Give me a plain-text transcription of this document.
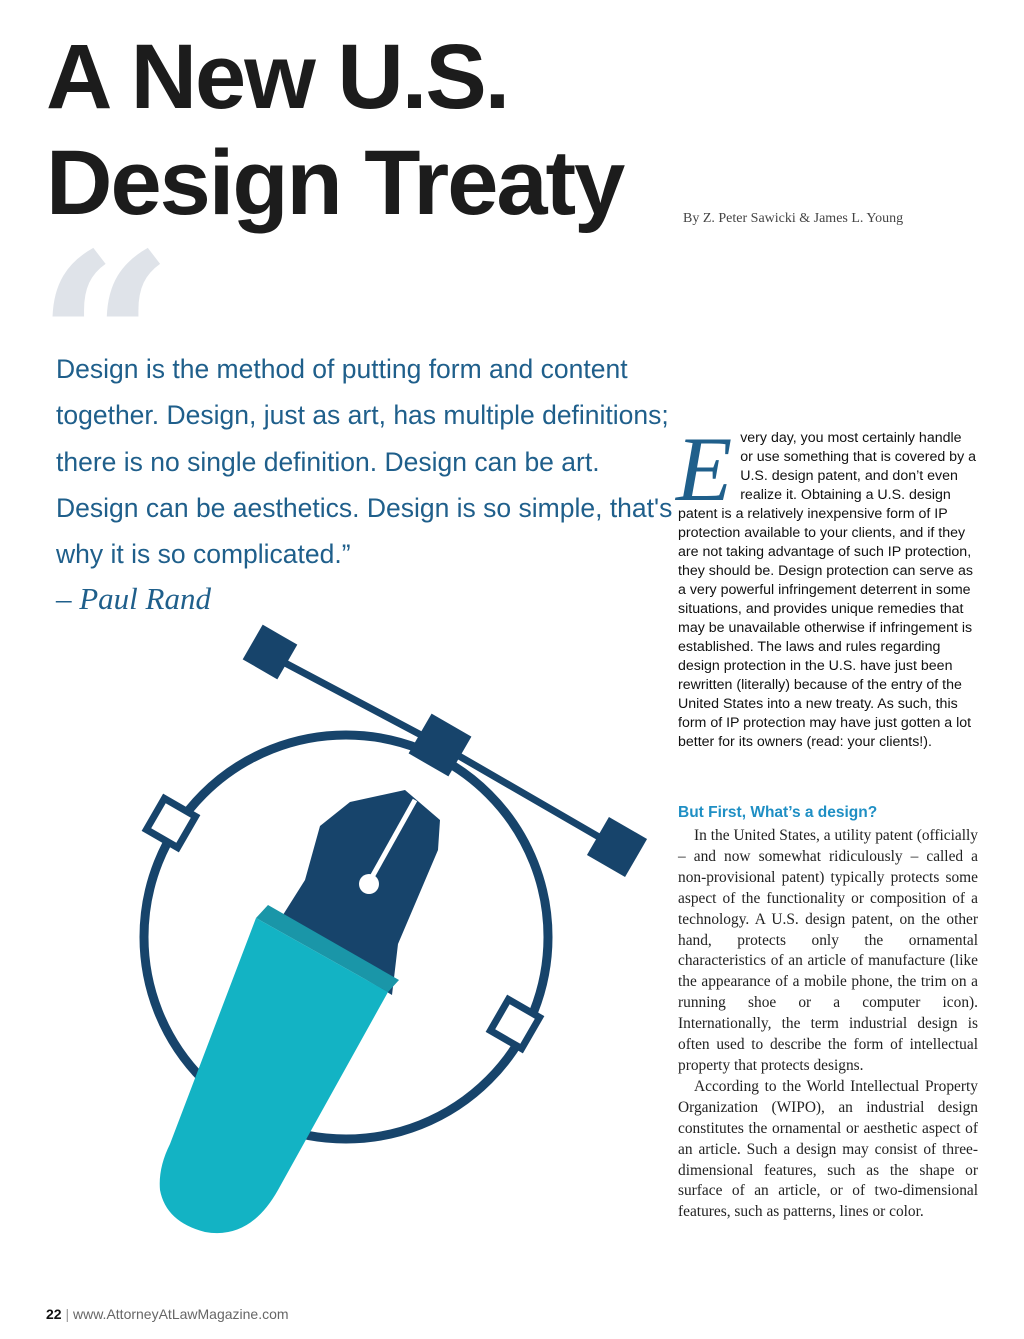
A New U.S.
Design Treaty	By Z. Peter Sawicki & James L. Young
“

Design is the method of putting form and content together. Design, just as art, has multiple definitions; there is no single definition. Design can be art. Design can be aesthetics. Design is so simple, that's why it is so complicated.”

– Paul Rand
E very day, you most certainly handle or use something that is covered by a U.S. design patent, and don’t even realize it. Obtaining a U.S. design patent is a relatively inexpensive form of IP protection available to your clients, and if they are not taking advantage of such IP protection, they should be. Design protection can serve as a very powerful infringement deterrent in some situations, and provides unique remedies that may be unavailable otherwise if infringement is established. The laws and rules regarding design protection in the U.S. have just been rewritten (literally) because of the entry of the United States into a new treaty. As such, this form of IP protection may have just gotten a lot better for its owners (read: your clients!).
But First, What’s a design?

In the United States, a utility patent (officially – and now somewhat ridiculously – called a non-provisional patent) typically protects some aspect of the functionality or composition of a technology. A U.S. design patent, on the other hand, protects only the ornamental characteristics of an article of manufacture (like the appearance of a mobile phone, the trim on a running shoe or a computer icon). Internationally, the term industrial design is often used to describe the form of intellectual property that protects designs.

According to the World Intellectual Property Organization (WIPO), an industrial design constitutes the ornamental or aesthetic aspect of an article. Such a design may consist of three-dimensional features, such as the shape or surface of an article, or of two-dimensional features, such as patterns, lines or color.

22 | www.AttorneyAtLawMagazine.com
